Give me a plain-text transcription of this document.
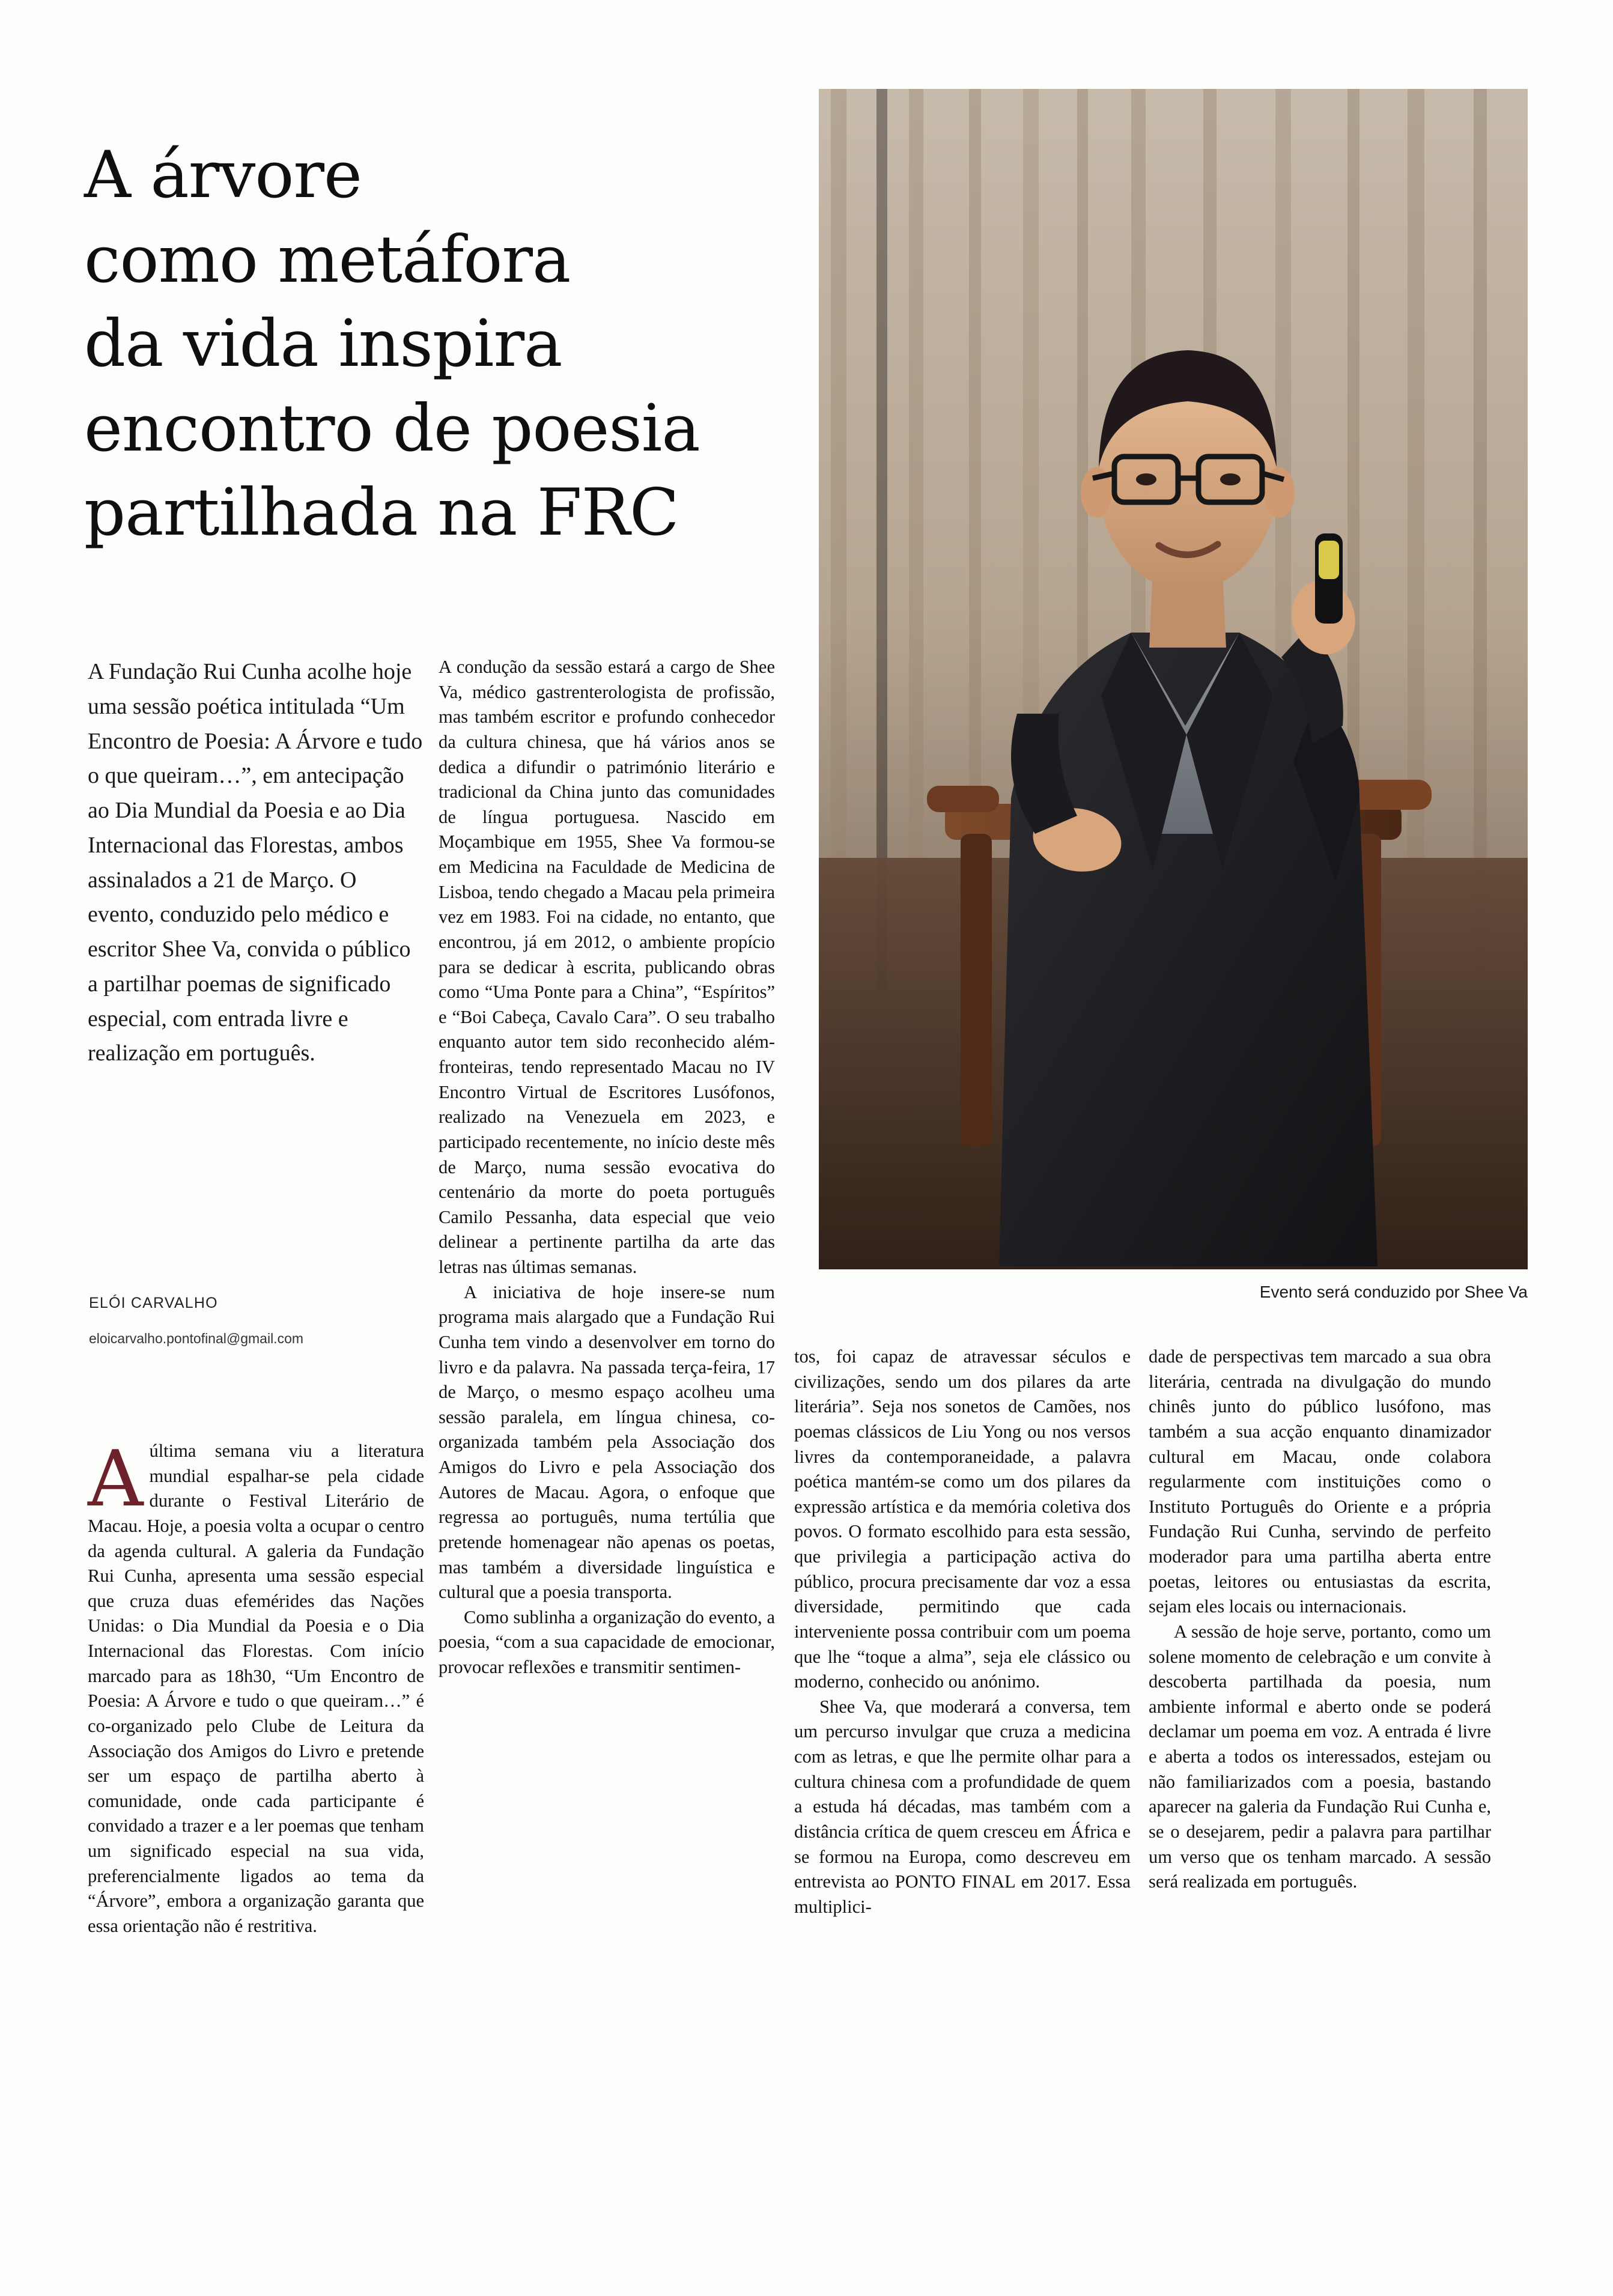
A árvore
como metáfora
da vida inspira
encontro de poesia
partilhada na FRC

A Fundação Rui Cunha acolhe hoje uma sessão poética intitulada “Um Encontro de Poesia: A Árvore e tudo o que queiram…”, em antecipação ao Dia Mundial da Poesia e ao Dia Internacional das Florestas, ambos assinalados a 21 de Março. O evento, conduzido pelo médico e escritor Shee Va, convida o público a partilhar poemas de significado especial, com entrada livre e realização em português.

ELÓI CARVALHO
eloicarvalho.pontofinal@gmail.com
Evento será conduzido por Shee Va

Aúltima semana viu a literatura mundial espalhar-se pela cidade durante o Festival Literário de Macau. Hoje, a poesia volta a ocupar o centro da agenda cultural. A galeria da Fundação Rui Cunha, apresenta uma sessão especial que cruza duas efemérides das Nações Unidas: o Dia Mundial da Poesia e o Dia Internacional das Florestas. Com início marcado para as 18h30, “Um Encontro de Poesia: A Árvore e tudo o que queiram…” é co-organizado pelo Clube de Leitura da Associação dos Amigos do Livro e pretende ser um espaço de partilha aberto à comunidade, onde cada participante é convidado a trazer e a ler poemas que tenham um significado especial na sua vida, preferencialmente ligados ao tema da “Árvore”, embora a organização garanta que essa orientação não é restritiva.

A condução da sessão estará a cargo de Shee Va, médico gastrenterologista de profissão, mas também escritor e profundo conhecedor da cultura chinesa, que há vários anos se dedica a difundir o património literário e tradicional da China junto das comunidades de língua portuguesa. Nascido em Moçambique em 1955, Shee Va formou-se em Medicina na Faculdade de Medicina de Lisboa, tendo chegado a Macau pela primeira vez em 1983. Foi na cidade, no entanto, que encontrou, já em 2012, o ambiente propício para se dedicar à escrita, publicando obras como “Uma Ponte para a China”, “Espíritos” e “Boi Cabeça, Cavalo Cara”. O seu trabalho enquanto autor tem sido reconhecido além-fronteiras, tendo representado Macau no IV Encontro Virtual de Escritores Lusófonos, realizado na Venezuela em 2023, e participado recentemente, no início deste mês de Março, numa sessão evocativa do centenário da morte do poeta português Camilo Pessanha, data especial que veio delinear a pertinente partilha da arte das letras nas últimas semanas.

A iniciativa de hoje insere-se num programa mais alargado que a Fundação Rui Cunha tem vindo a desenvolver em torno do livro e da palavra. Na passada terça-feira, 17 de Março, o mesmo espaço acolheu uma sessão paralela, em língua chinesa, co-organizada também pela Associação dos Amigos do Livro e pela Associação dos Autores de Macau. Agora, o enfoque que regressa ao português, numa tertúlia que pretende homenagear não apenas os poetas, mas também a diversidade linguística e cultural que a poesia transporta.

Como sublinha a organização do evento, a poesia, “com a sua capacidade de emocionar, provocar reflexões e transmitir sentimen-

tos, foi capaz de atravessar séculos e civilizações, sendo um dos pilares da arte literária”. Seja nos sonetos de Camões, nos poemas clássicos de Liu Yong ou nos versos livres da contemporaneidade, a palavra poética mantém-se como um dos pilares da expressão artística e da memória coletiva dos povos. O formato escolhido para esta sessão, que privilegia a participação activa do público, procura precisamente dar voz a essa diversidade, permitindo que cada interveniente possa contribuir com um poema que lhe “toque a alma”, seja ele clássico ou moderno, conhecido ou anónimo.

Shee Va, que moderará a conversa, tem um percurso invulgar que cruza a medicina com as letras, e que lhe permite olhar para a cultura chinesa com a profundidade de quem a estuda há décadas, mas também com a distância crítica de quem cresceu em África e se formou na Europa, como descreveu em entrevista ao PONTO FINAL em 2017. Essa multiplici-

dade de perspectivas tem marcado a sua obra literária, centrada na divulgação do mundo chinês junto do público lusófono, mas também a sua acção enquanto dinamizador cultural em Macau, onde colabora regularmente com instituições como o Instituto Português do Oriente e a própria Fundação Rui Cunha, servindo de perfeito moderador para uma partilha aberta entre poetas, leitores ou entusiastas da escrita, sejam eles locais ou internacionais.

A sessão de hoje serve, portanto, como um solene momento de celebração e um convite à descoberta partilhada da poesia, num ambiente informal e aberto onde se poderá declamar um poema em voz. A entrada é livre e aberta a todos os interessados, estejam ou não familiarizados com a poesia, bastando aparecer na galeria da Fundação Rui Cunha e, se o desejarem, pedir a palavra para partilhar um verso que os tenham marcado. A sessão será realizada em português.
